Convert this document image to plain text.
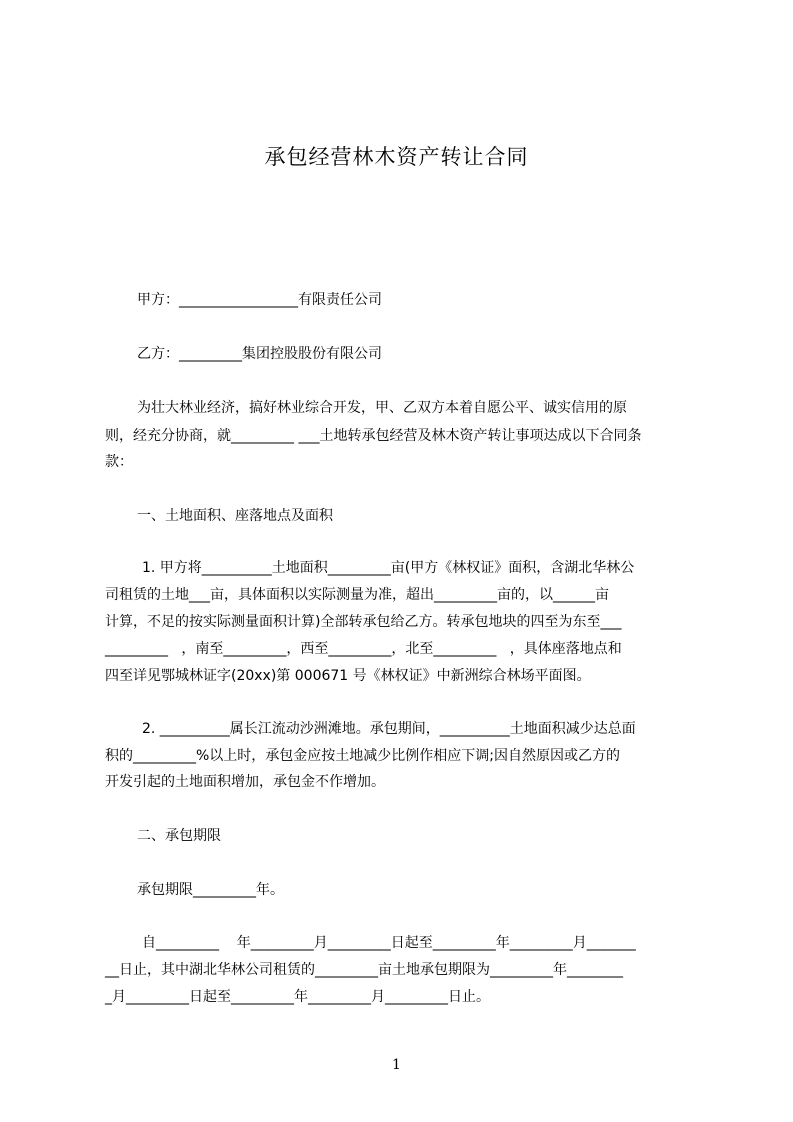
承包经营林木资产转让合同
甲方：_________________有限责任公司
乙方：_________集团控股股份有限公司
为壮大林业经济，搞好林业综合开发，甲、乙双方本着自愿公平、诚实信用的原
则，经充分协商，就_________ ___土地转承包经营及林木资产转让事项达成以下合同条
款：
一、土地面积、座落地点及面积
1. 甲方将__________土地面积_________亩(甲方《林权证》面积，含湖北华林公
司租赁的土地___亩，具体面积以实际测量为准，超出_________亩的，以______亩
计算，不足的按实际测量面积计算)全部转承包给乙方。转承包地块的四至为东至___
_________   ，南至_________，西至_________，北至_________   ，具体座落地点和
四至详见鄂城林证字(20xx)第 000671 号《林权证》中新洲综合林场平面图。
2. __________属长江流动沙洲滩地。承包期间，__________土地面积减少达总面
积的_________%以上时，承包金应按土地减少比例作相应下调;因自然原因或乙方的
开发引起的土地面积增加，承包金不作增加。
二、承包期限
承包期限_________年。
自_________    年_________月_________日起至_________年_________月_______
__日止，其中湖北华林公司租赁的_________亩土地承包期限为_________年________
_月_________日起至_________年_________月_________日止。
1
